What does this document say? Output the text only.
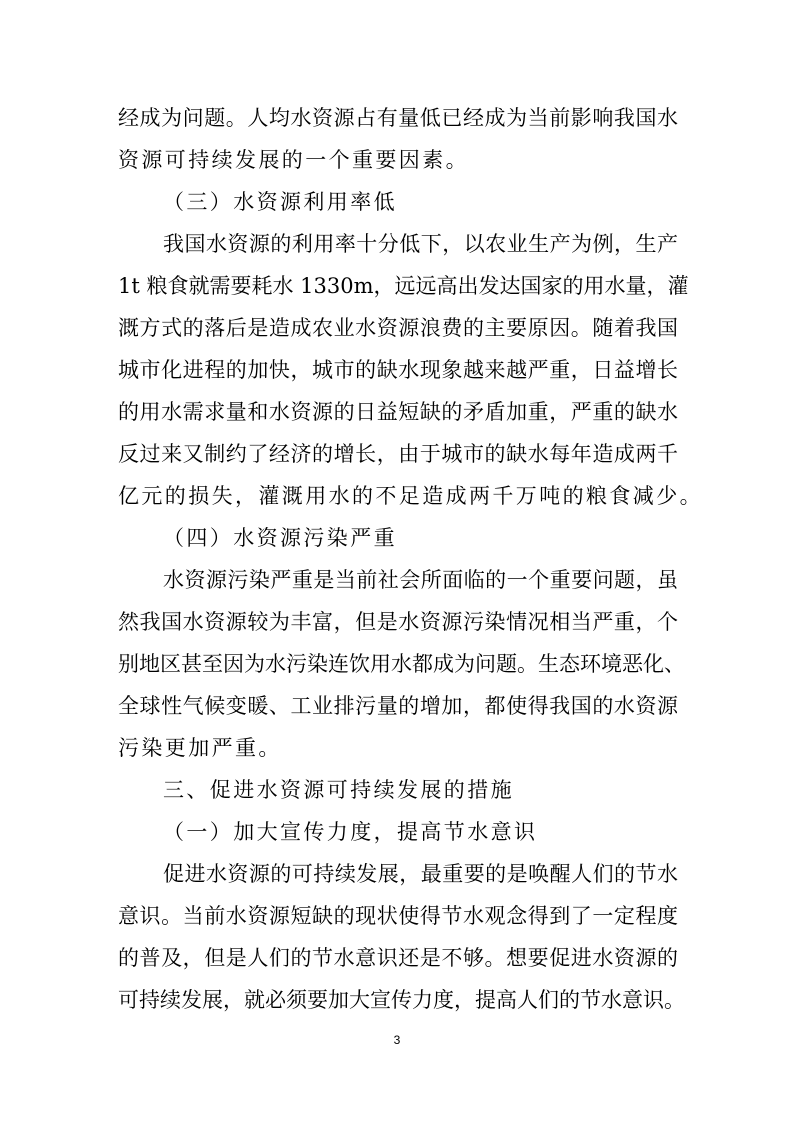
经成为问题。人均水资源占有量低已经成为当前影响我国水
资源可持续发展的一个重要因素。
（三）水资源利用率低
我国水资源的利用率十分低下，以农业生产为例，生产
1t 粮食就需要耗水 1330m，远远高出发达国家的用水量，灌
溉方式的落后是造成农业水资源浪费的主要原因。随着我国
城市化进程的加快，城市的缺水现象越来越严重，日益增长
的用水需求量和水资源的日益短缺的矛盾加重，严重的缺水
反过来又制约了经济的增长，由于城市的缺水每年造成两千
亿元的损失，灌溉用水的不足造成两千万吨的粮食减少。
（四）水资源污染严重
水资源污染严重是当前社会所面临的一个重要问题，虽
然我国水资源较为丰富，但是水资源污染情况相当严重，个
别地区甚至因为水污染连饮用水都成为问题。生态环境恶化、
全球性气候变暖、工业排污量的增加，都使得我国的水资源
污染更加严重。
三、促进水资源可持续发展的措施
（一）加大宣传力度，提高节水意识
促进水资源的可持续发展，最重要的是唤醒人们的节水
意识。当前水资源短缺的现状使得节水观念得到了一定程度
的普及，但是人们的节水意识还是不够。想要促进水资源的
可持续发展，就必须要加大宣传力度，提高人们的节水意识。
3
